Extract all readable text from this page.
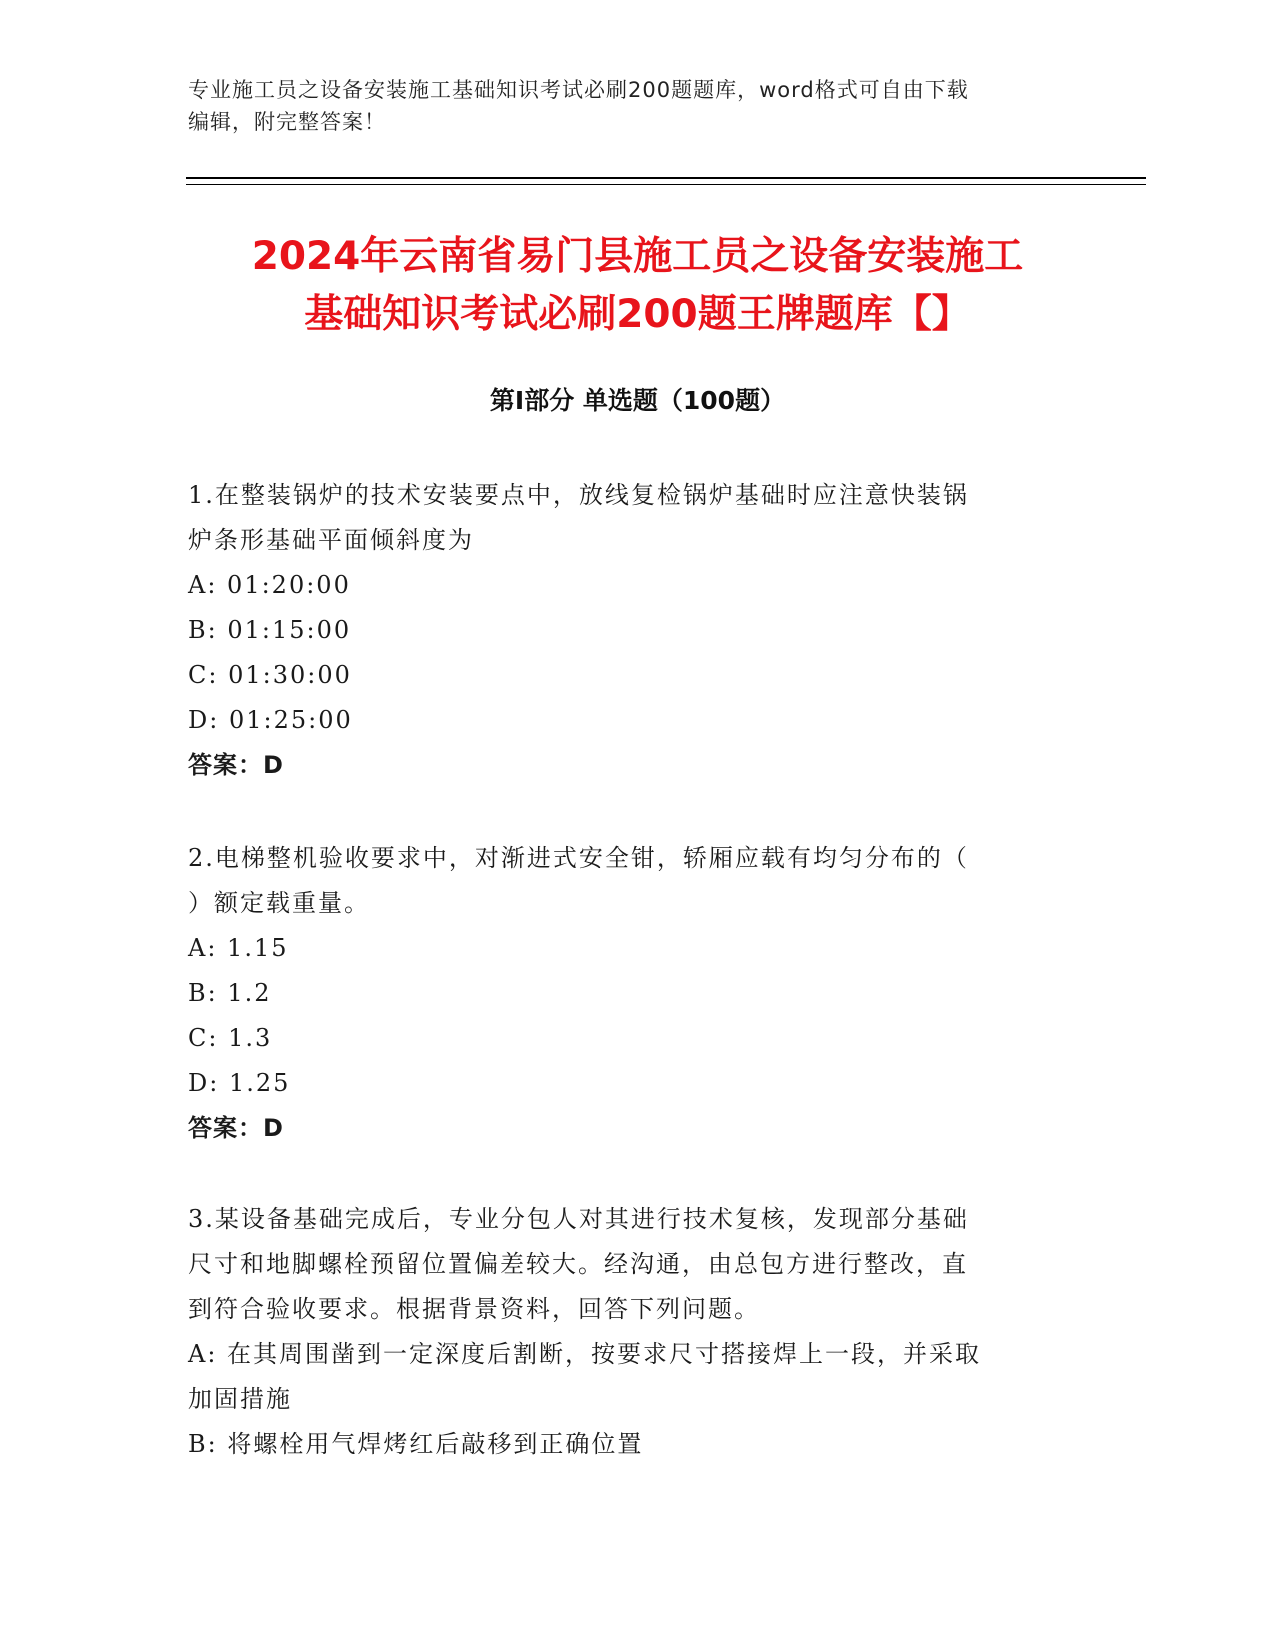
专业施工员之设备安装施工基础知识考试必刷200题题库，word格式可自由下载
编辑，附完整答案！
2024年云南省易门县施工员之设备安装施工
基础知识考试必刷200题王牌题库【】
第I部分 单选题（100题）
1.在整装锅炉的技术安装要点中，放线复检锅炉基础时应注意快装锅
炉条形基础平面倾斜度为
A: 01:20:00
B: 01:15:00
C: 01:30:00
D: 01:25:00
答案：D
2.电梯整机验收要求中，对渐进式安全钳，轿厢应载有均匀分布的（
）额定载重量。
A: 1.15
B: 1.2
C: 1.3
D: 1.25
答案：D
3.某设备基础完成后，专业分包人对其进行技术复核，发现部分基础
尺寸和地脚螺栓预留位置偏差较大。经沟通，由总包方进行整改，直
到符合验收要求。根据背景资料，回答下列问题。
A: 在其周围凿到一定深度后割断，按要求尺寸搭接焊上一段，并采取
加固措施
B: 将螺栓用气焊烤红后敲移到正确位置
